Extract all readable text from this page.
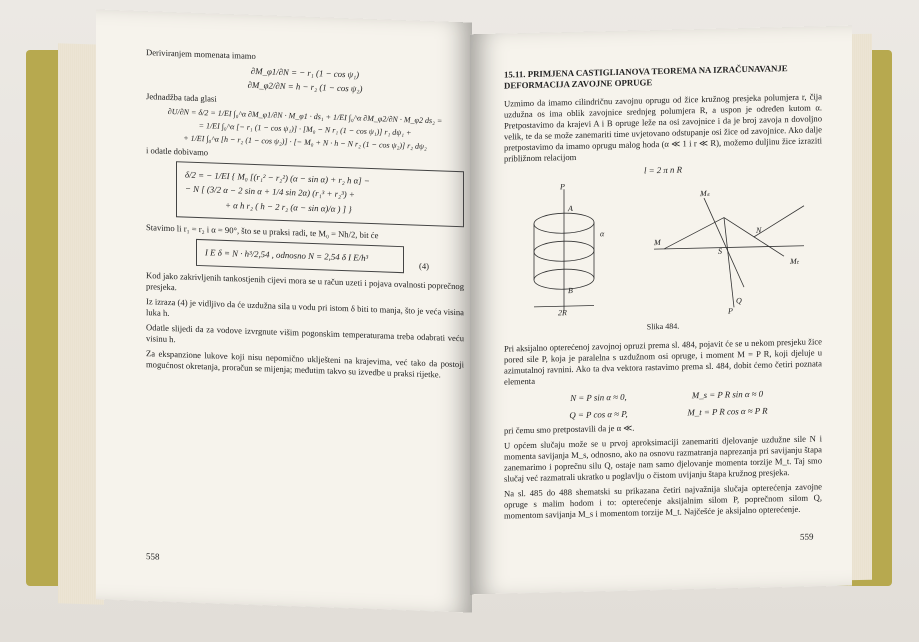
Deriviranjem momenata imamo

∂M_φ1/∂N = − r₁ (1 − cos ψ₁)
∂M_φ2/∂N = h − r₂ (1 − cos ψ₂)

Jednadžba tada glasi

∂U/∂N = δ/2 = 1/EI ∫₀^α ∂M_φ1/∂N · M_φ1 · ds₁ + 1/EI ∫₀^α ∂M_φ2/∂N · M_φ2 ds₂ =
= 1/EI ∫₀^α [− r₁ (1 − cos ψ₁)] · [M₀ − N r₁ (1 − cos ψ₁)] r₁ dψ₁ +
+ 1/EI ∫₀^α [h − r₂ (1 − cos ψ₂)] · [− M₀ + N · h − N r₂ (1 − cos ψ₂)] r₂ dψ₂

i odatle dobivamo

δ/2 = − 1/EI { M₀ [(r₁² − r₂²) (α − sin α) + r₂ h α] −
− N [ (3/2 α − 2 sin α + 1/4 sin 2α) (r₁³ + r₂³) +
+ α h r₂ ( h − 2 r₂ (α − sin α)/α ) ] }

Stavimo li r₁ = r₂ i α = 90°, što se u praksi radi, te M₀ = Nh/2, bit će

I E δ = N · h³/2,54 , odnosno N = 2,54 δ I E/h³
(4)

Kod jako zakrivljenih tankostjenih cijevi mora se u račun uzeti i pojava ovalnosti poprečnog presjeka.

Iz izraza (4) je vidljivo da će uzdužna sila u vodu pri istom δ biti to manja, što je veća visina luka h.

Odatle slijedi da za vodove izvrgnute višim pogonskim temperaturama treba odabrati veću visinu h.

Za ekspanzione lukove koji nisu nepomično uklješteni na krajevima, već tako da postoji mogućnost okretanja, proračun se mijenja; međutim takvo su izvedbe u praksi rijetke.

558
15.11. PRIMJENA CASTIGLIANOVA TEOREMA NA IZRAČUNAVANJE DEFORMACIJA ZAVOJNE OPRUGE

Uzmimo da imamo cilindričnu zavojnu oprugu od žice kružnog presjeka polumjera r, čija uzdužna os ima oblik zavojnice srednjeg polumjera R, a uspon je određen kutom α. Pretpostavimo da krajevi A i B opruge leže na osi zavojnice i da je broj zavoja n dovoljno velik, te da se može zanemariti time uvjetovano odstupanje osi žice od zavojnice. Ako dalje pretpostavimo da imamo oprugu malog hoda (α ≪ 1 i r ≪ R), možemo duljinu žice izraziti približnom relacijom

l = 2 π n R
P
A
B
2R
α
M
Q
N
S
Mₛ
Mₜ
P
Slika 484.

Pri aksijalno opterećenoj zavojnoj opruzi prema sl. 484, pojavit će se u nekom presjeku žice pored sile P, koja je paralelna s uzdužnom osi opruge, i moment M = P R, koji djeluje u azimutalnoj ravnini. Ako ta dva vektora rastavimo prema sl. 484, dobit ćemo četiri poznata elementa

N = P sin α ≈ 0,	M_s = P R sin α ≈ 0
Q = P cos α ≈ P,	M_t = P R cos α ≈ P R

pri čemu smo pretpostavili da je α ≪.

U općem slučaju može se u prvoj aproksimaciji zanemariti djelovanje uzdužne sile N i momenta savijanja M_s, odnosno, ako na osnovu razmatranja naprezanja pri savijanju štapa zanemarimo i poprečnu silu Q, ostaje nam samo djelovanje momenta torzije M_t. Taj smo slučaj već razmatrali ukratko u poglavlju o čistom uvijanju štapa kružnog presjeka.

Na sl. 485 do 488 shematski su prikazana četiri najvažnija slučaja opterećenja zavojne opruge s malim hodom i to: opterećenje aksijalnim silom P, poprečnom silom Q, momentom savijanja M_s i momentom torzije M_t. Najčešće je aksijalno opterećenje.

559
